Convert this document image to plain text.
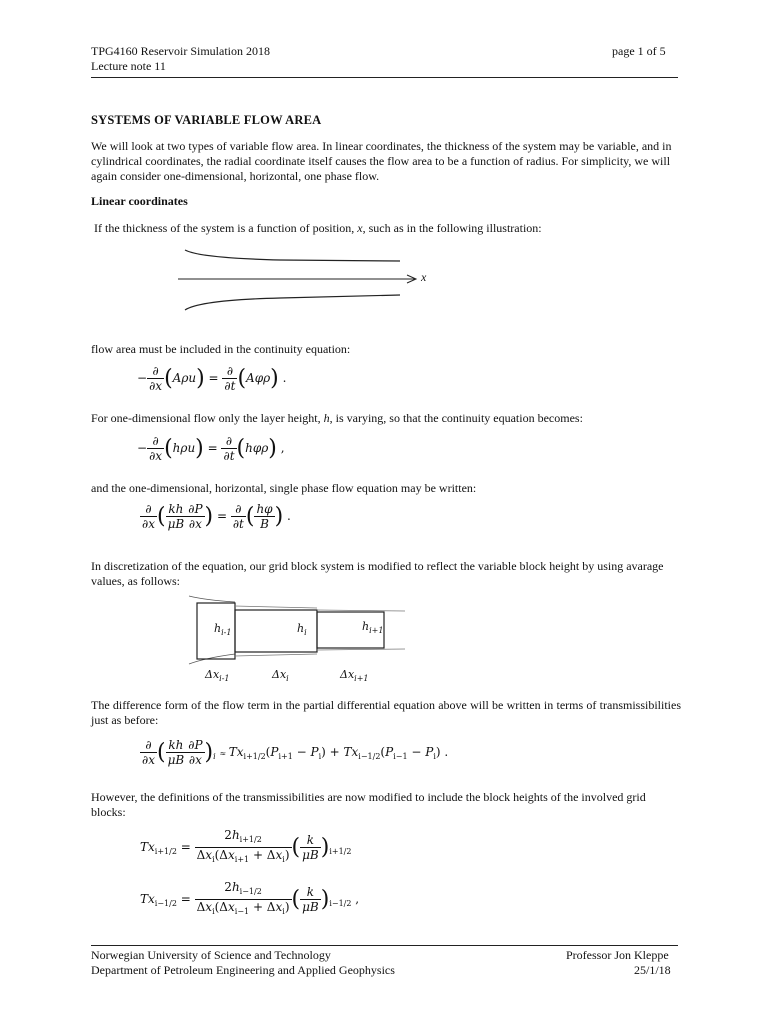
TPG4160 Reservoir Simulation 2018
Lecture note 11
page 1 of 5
SYSTEMS OF VARIABLE FLOW AREA
We will look at two types of variable flow area. In linear coordinates, the thickness of the system may be variable, and in cylindrical coordinates, the radial coordinate itself causes the flow area to be a function of radius. For simplicity, we will again consider one-dimensional, horizontal, one phase flow.
Linear coordinates
If the thickness of the system is a function of position, x, such as in the following illustration:
x
flow area must be included in the continuity equation:
− $\frac{\partial}{\partial x} (A\rho u) = \frac{\partial}{\partial t} (A\varphi\rho)$ .
For one-dimensional flow only the layer height, h, is varying, so that the continuity equation becomes:
− $\frac{\partial}{\partial x} (h\rho u) = \frac{\partial}{\partial t} (h\varphi\rho)$ ,
and the one-dimensional, horizontal, single phase flow equation may be written:
$\frac{\partial}{\partial x}$ ( $\frac{kh}{\mu B} \frac{\partial P}{\partial x}$ ) = $\frac{\partial}{\partial t}$ ( $\frac{h\varphi}{B}$ ) .
In discretization of the equation, our grid block system is modified to reflect the variable block height by using avarage values, as follows:
$h_{i-1}$	$h_i$	$h_{i+1}$
$\Delta x_{i-1}$	$\Delta x_i$	$\Delta x_{i+1}$
The difference form of the flow term in the partial differential equation above will be written in terms of transmissibilities just as before:
$\frac{\partial}{\partial x}$ ( $\frac{kh}{\mu B} \frac{\partial P}{\partial x} )_i \approx Tx_{i+1/2}(P_{i+1} - P_i) + Tx_{i-1/2}(P_{i-1} - P_i)$ .
However, the definitions of the transmissibilities are now modified to include the block heights of the involved grid blocks:
$Tx_{i+1/2} = \frac{2h_{i+1/2}}{\Delta x_i(\Delta x_{i+1} + \Delta x_i)}$ ( $\frac{k}{\mu B} )_{i+1/2}$
$Tx_{i-1/2} = \frac{2h_{i-1/2}}{\Delta x_i(\Delta x_{i-1} + \Delta x_i)}$ ( $\frac{k}{\mu B} )_{i-1/2}$ ,
Norwegian University of Science and Technology
Department of Petroleum Engineering and Applied Geophysics
Professor Jon Kleppe
25/1/18
